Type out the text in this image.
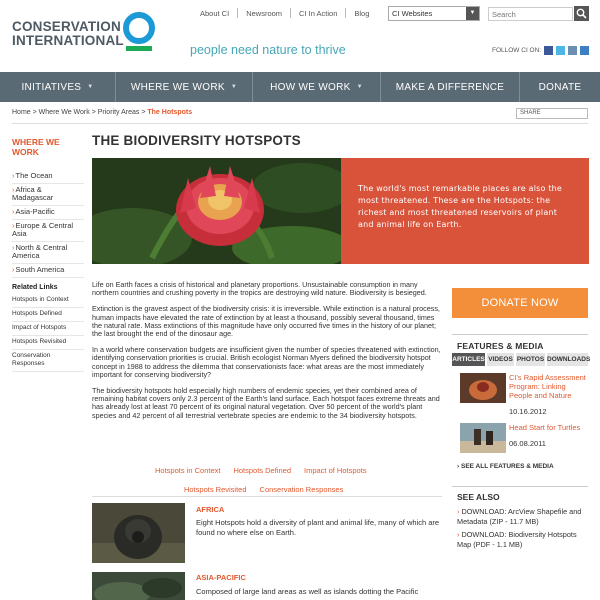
CONSERVATION
INTERNATIONAL
people need nature to thrive
About CI Newsroom CI In Action Blog	CI Websites	▼
Search
FOLLOW CI ON:
INITIATIVES ▼	WHERE WE WORK ▼	HOW WE WORK ▼	MAKE A DIFFERENCE	DONATE
Home > Where We Work > Priority Areas > The Hotspots	SHARE
WHERE WE WORK
› The Ocean
› Africa & Madagascar
› Asia-Pacific
› Europe & Central Asia
› North & Central America
› South America
Related Links
Hotspots in Context
Hotspots Defined
Impact of Hotspots
Hotspots Revisited
Conservation Responses
THE BIODIVERSITY HOTSPOTS
The world's most remarkable places are also the most threatened. These are the Hotspots: the richest and most threatened reservoirs of plant and animal life on Earth.

Life on Earth faces a crisis of historical and planetary proportions. Unsustainable consumption in many northern countries and crushing poverty in the tropics are destroying wild nature. Biodiversity is besieged.

Extinction is the gravest aspect of the biodiversity crisis: it is irreversible. While extinction is a natural process, human impacts have elevated the rate of extinction by at least a thousand, possibly several thousand, times the natural rate. Mass extinctions of this magnitude have only occurred five times in the history of our planet; the last brought the end of the dinosaur age.

In a world where conservation budgets are insufficient given the number of species threatened with extinction, identifying conservation priorities is crucial. British ecologist Norman Myers defined the biodiversity hotspot concept in 1988 to address the dilemma that conservationists face: what areas are the most immediately important for conserving biodiversity?

The biodiversity hotspots hold especially high numbers of endemic species, yet their combined area of remaining habitat covers only 2.3 percent of the Earth's land surface. Each hotspot faces extreme threats and has already lost at least 70 percent of its original natural vegetation. Over 50 percent of the world's plant species and 42 percent of all terrestrial vertebrate species are endemic to the 34 biodiversity hotspots.

Hotspots in Context Hotspots Defined Impact of Hotspots
Hotspots Revisited Conservation Responses
AFRICA
Eight Hotspots hold a diversity of plant and animal life, many of which are found no where else on Earth.
ASIA-PACIFIC
Composed of large land areas as well as islands dotting the Pacific
DONATE NOW
FEATURES & MEDIA
ARTICLES VIDEOS PHOTOS DOWNLOADS
CI's Rapid Assessment Program: Linking People and Nature
10.16.2012
Head Start for Turtles
06.08.2011
› SEE ALL FEATURES & MEDIA
SEE ALSO
› DOWNLOAD: ArcView Shapefile and Metadata (ZIP - 11.7 MB)
› DOWNLOAD: Biodiversity Hotspots Map (PDF - 1.1 MB)
